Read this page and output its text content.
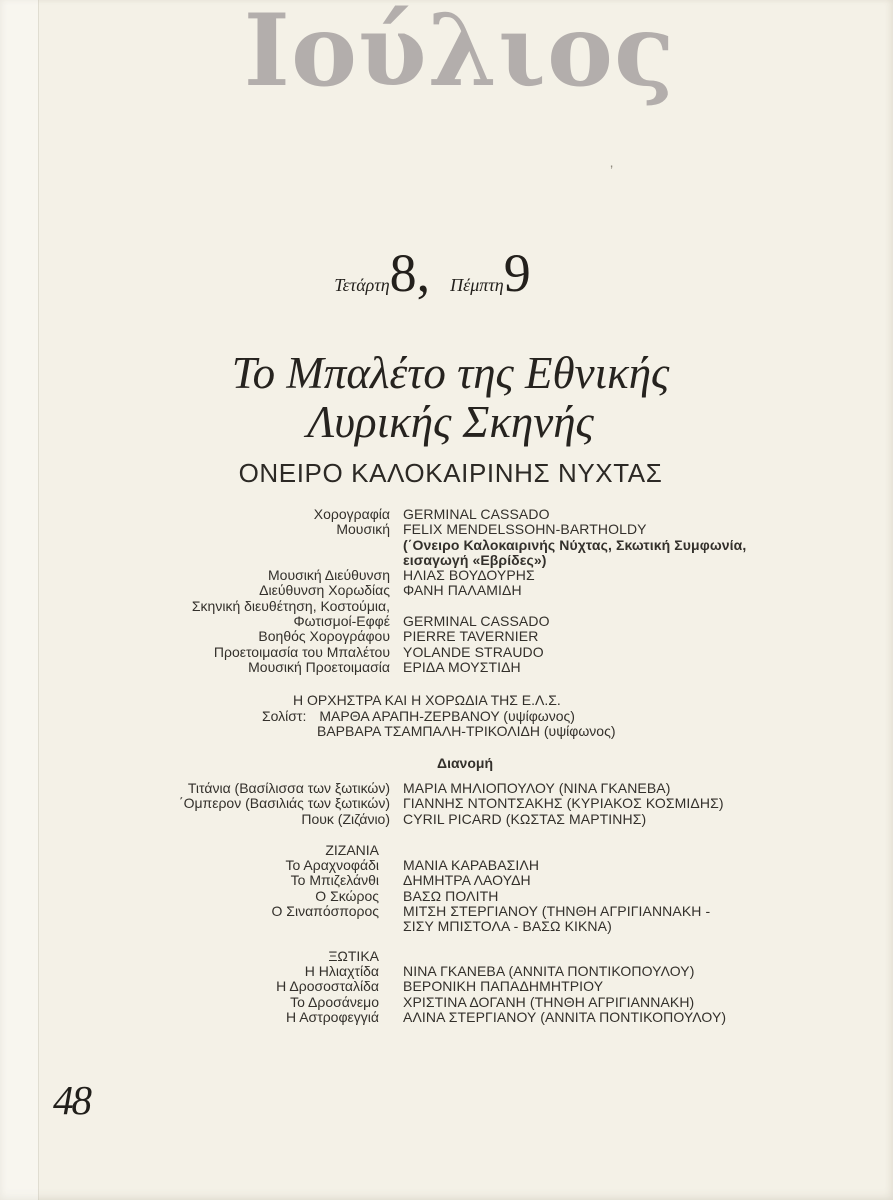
Ιούλιος
’
Τετάρτη 8, Πέμπτη 9
Το Μπαλέτο της Εθνικής
Λυρικής Σκηνής
ΟΝΕΙΡΟ ΚΑΛΟΚΑΙΡΙΝΗΣ ΝΥΧΤΑΣ
Χορογραφία GERMINAL CASSADO
Μουσική FELIX MENDELSSOHN-BARTHOLDY
(΄Ονειρο Καλοκαιρινής Νύχτας, Σκωτική Συμφωνία,
εισαγωγή «Εβρίδες»)
Μουσική Διεύθυνση ΗΛΙΑΣ ΒΟΥΔΟΥΡΗΣ
Διεύθυνση Χορωδίας ΦΑΝΗ ΠΑΛΑΜΙΔΗ
Σκηνική διευθέτηση, Κοστούμια,
Φωτισμοί-Εφφέ GERMINAL CASSADO
Βοηθός Χορογράφου PIERRE TAVERNIER
Προετοιμασία του Μπαλέτου YOLANDE STRAUDO
Μουσική Προετοιμασία ΕΡΙΔΑ ΜΟΥΣΤΙΔΗ
Η ΟΡΧΗΣΤΡΑ ΚΑΙ Η ΧΟΡΩΔΙΑ ΤΗΣ Ε.Λ.Σ.
Σολίστ: ΜΑΡΘΑ ΑΡΑΠΗ-ΖΕΡΒΑΝΟΥ (υψίφωνος)
ΒΑΡΒΑΡΑ ΤΣΑΜΠΑΛΗ-ΤΡΙΚΟΛΙΔΗ (υψίφωνος)
Διανομή
Τιτάνια (Βασίλισσα των ξωτικών) ΜΑΡΙΑ ΜΗΛΙΟΠΟΥΛΟΥ (ΝΙΝΑ ΓΚΑΝΕΒΑ)
΄Ομπερον (Βασιλιάς των ξωτικών) ΓΙΑΝΝΗΣ ΝΤΟΝΤΣΑΚΗΣ (ΚΥΡΙΑΚΟΣ ΚΟΣΜΙΔΗΣ)
Πουκ (Ζιζάνιο) CYRIL PICARD (ΚΩΣΤΑΣ ΜΑΡΤΙΝΗΣ)
ΖΙΖΑΝΙΑ
Το Αραχνοφάδι	ΜΑΝΙΑ ΚΑΡΑΒΑΣΙΛΗ
Το Μπιζελάνθι	ΔΗΜΗΤΡΑ ΛΑΟΥΔΗ
Ο Σκώρος	ΒΑΣΩ ΠΟΛΙΤΗ
Ο Σιναπόσπορος	ΜΙΤΣΗ ΣΤΕΡΓΙΑΝΟΥ (ΤΗΝΘΗ ΑΓΡΙΓΙΑΝΝΑΚΗ -
ΣΙΣΥ ΜΠΙΣΤΟΛΑ - ΒΑΣΩ ΚΙΚΝΑ)
ΞΩΤΙΚΑ
Η Ηλιαχτίδα	ΝΙΝΑ ΓΚΑΝΕΒΑ (ΑΝΝΙΤΑ ΠΟΝΤΙΚΟΠΟΥΛΟΥ)
Η Δροσοσταλίδα	ΒΕΡΟΝΙΚΗ ΠΑΠΑΔΗΜΗΤΡΙΟΥ
Το Δροσάνεμο	ΧΡΙΣΤΙΝΑ ΔΟΓΑΝΗ (ΤΗΝΘΗ ΑΓΡΙΓΙΑΝΝΑΚΗ)
Η Αστροφεγγιά	ΑΛΙΝΑ ΣΤΕΡΓΙΑΝΟΥ (ΑΝΝΙΤΑ ΠΟΝΤΙΚΟΠΟΥΛΟΥ)
48
